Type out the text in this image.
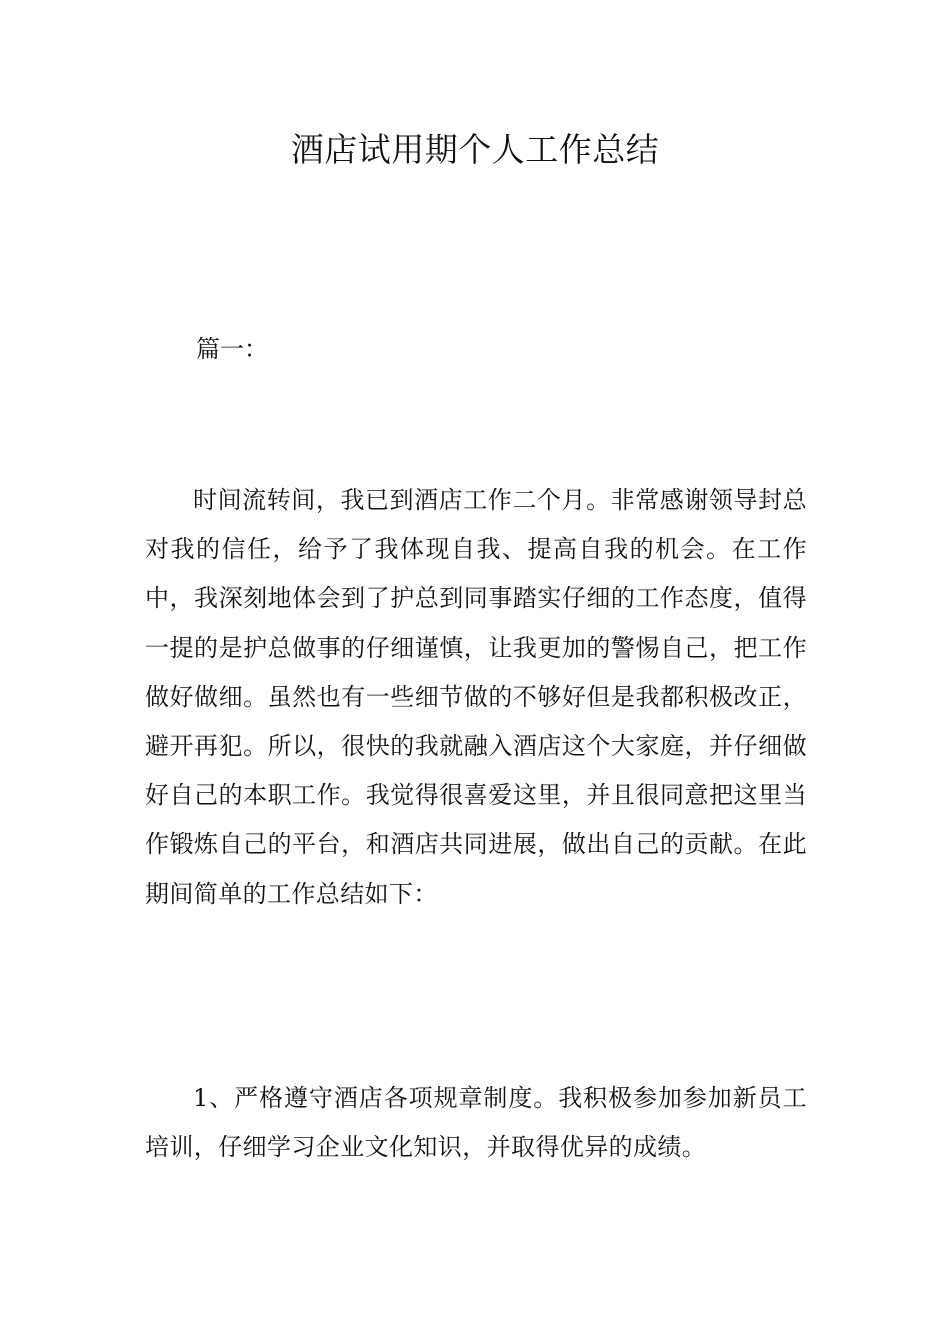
酒店试用期个人工作总结

篇一：

时间流转间，我已到酒店工作二个月。非常感谢领导封总对我的信任，给予了我体现自我、提高自我的机会。在工作中，我深刻地体会到了护总到同事踏实仔细的工作态度，值得一提的是护总做事的仔细谨慎，让我更加的警惕自己，把工作做好做细。虽然也有一些细节做的不够好但是我都积极改正，避开再犯。所以，很快的我就融入酒店这个大家庭，并仔细做好自己的本职工作。我觉得很喜爱这里，并且很同意把这里当作锻炼自己的平台，和酒店共同进展，做出自己的贡献。在此期间简单的工作总结如下：

1、严格遵守酒店各项规章制度。我积极参加参加新员工培训，仔细学习企业文化知识，并取得优异的成绩。
